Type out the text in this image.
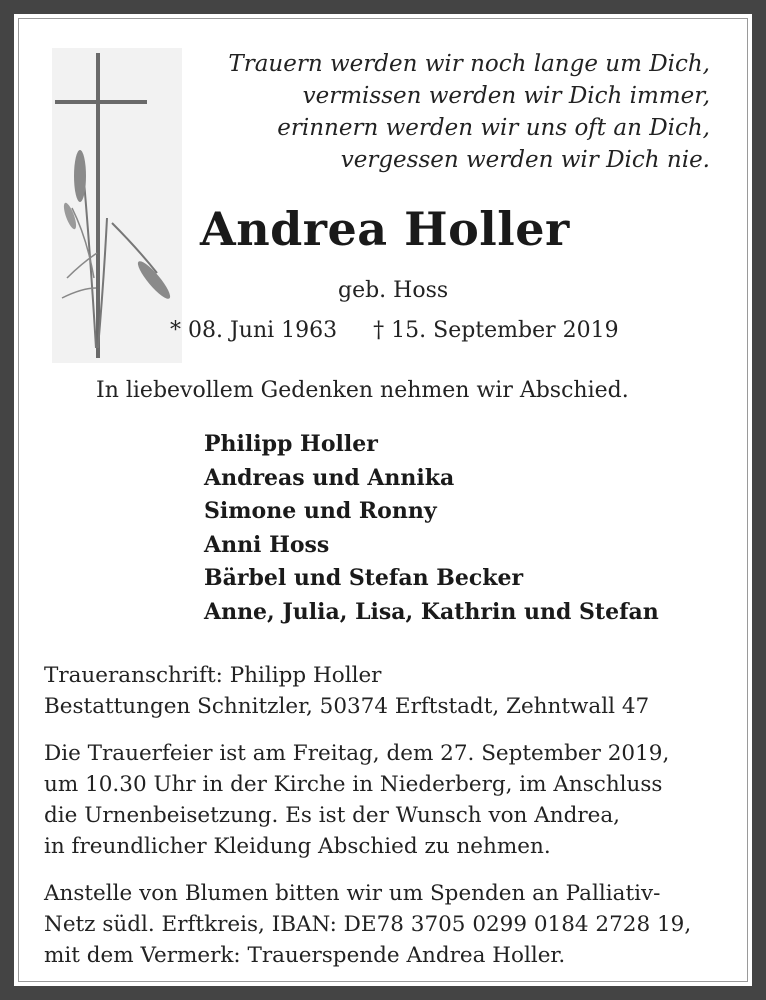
Trauern werden wir noch lange um Dich,
vermissen werden wir Dich immer,
erinnern werden wir uns oft an Dich,
vergessen werden wir Dich nie.
Andrea Holler
geb. Hoss
* 08. Juni 1963 † 15. September 2019
In liebevollem Gedenken nehmen wir Abschied.
Philipp Holler
Andreas und Annika
Simone und Ronny
Anni Hoss
Bärbel und Stefan Becker
Anne, Julia, Lisa, Kathrin und Stefan
Traueranschrift: Philipp Holler
Bestattungen Schnitzler, 50374 Erftstadt, Zehntwall 47
Die Trauerfeier ist am Freitag, dem 27. September 2019,
um 10.30 Uhr in der Kirche in Niederberg, im Anschluss
die Urnenbeisetzung. Es ist der Wunsch von Andrea,
in freundlicher Kleidung Abschied zu nehmen.
Anstelle von Blumen bitten wir um Spenden an Palliativ-
Netz südl. Erftkreis, IBAN: DE78 3705 0299 0184 2728 19,
mit dem Vermerk: Trauerspende Andrea Holler.
